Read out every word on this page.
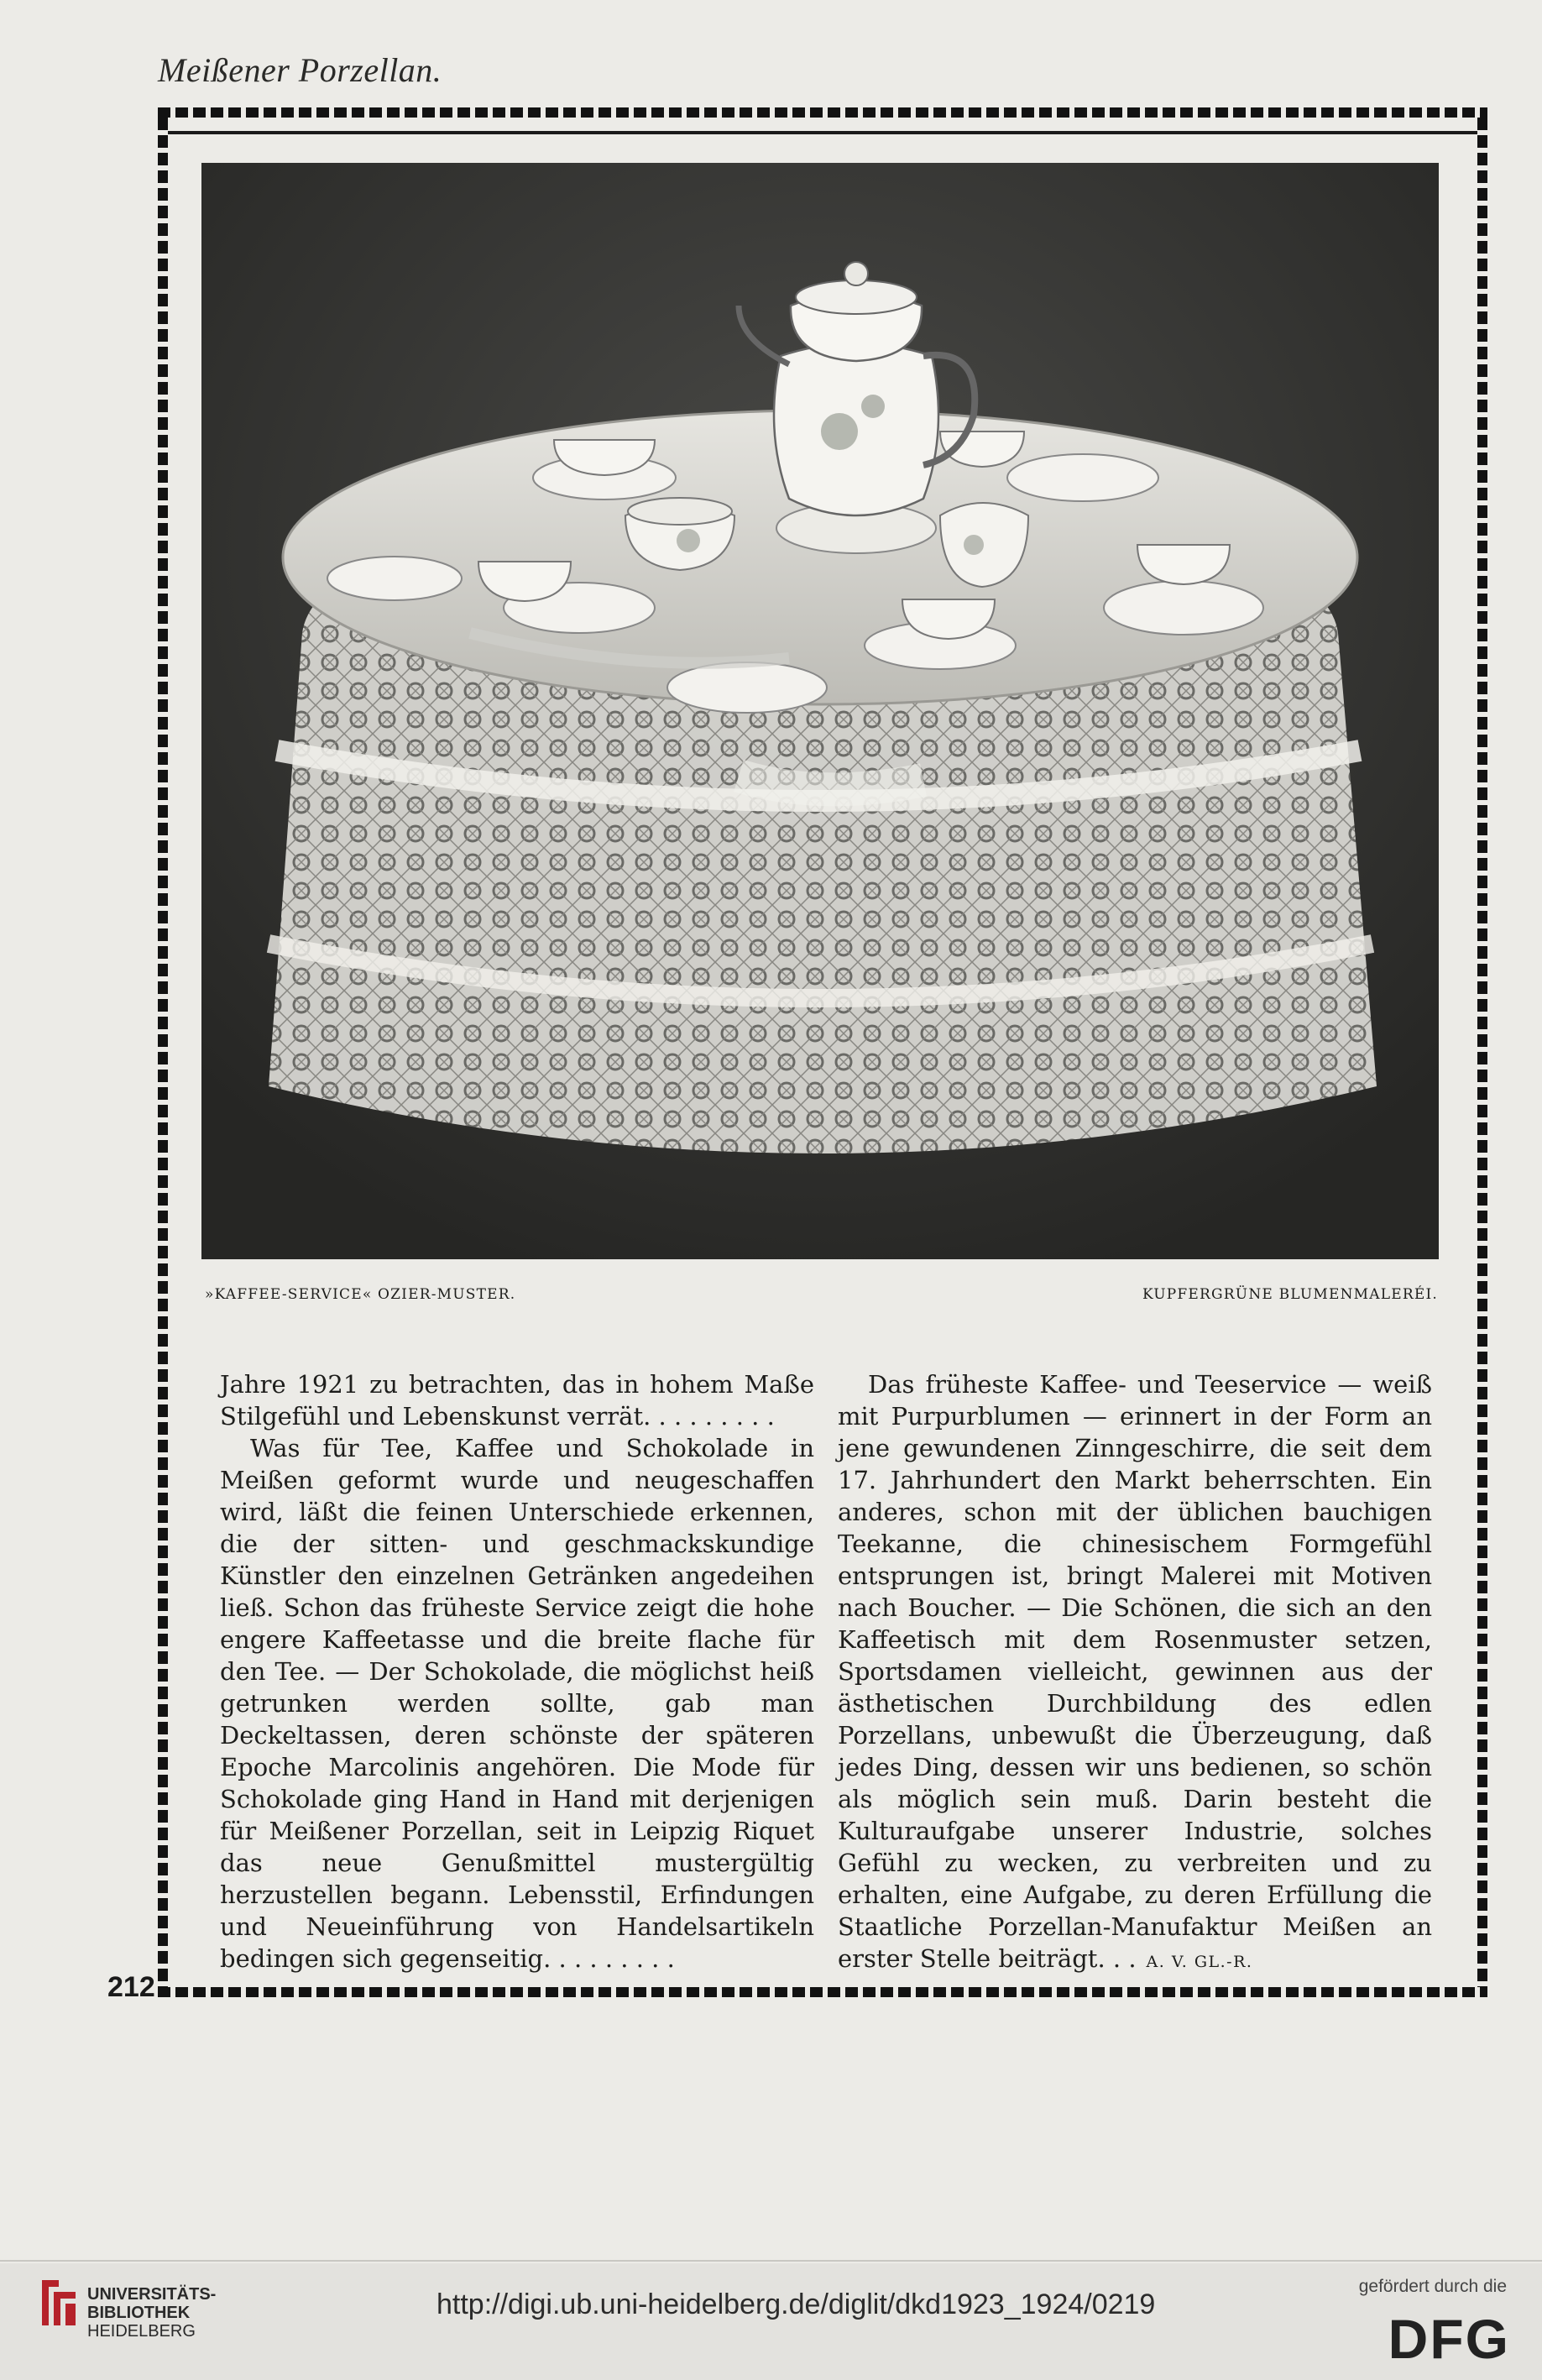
Meißener Porzellan.
»KAFFEE-SERVICE« OZIER-MUSTER.	KUPFERGRÜNE BLUMENMALERÉI.

Jahre 1921 zu betrachten, das in hohem Maße Stilgefühl und Lebenskunst verrät. . . . . . . . .

Was für Tee, Kaffee und Schokolade in Meißen geformt wurde und neugeschaffen wird, läßt die feinen Unterschiede erkennen, die der sitten- und geschmackskundige Künstler den einzelnen Getränken angedeihen ließ. Schon das früheste Service zeigt die hohe engere Kaffeetasse und die breite flache für den Tee. — Der Schokolade, die möglichst heiß getrunken werden sollte, gab man Deckeltassen, deren schönste der späteren Epoche Marcolinis angehören. Die Mode für Schokolade ging Hand in Hand mit derjenigen für Meißener Porzellan, seit in Leipzig Riquet das neue Genußmittel mustergültig herzustellen begann. Lebensstil, Erfindungen und Neueinführung von Handelsartikeln bedingen sich gegenseitig. . . . . . . . .

Das früheste Kaffee- und Teeservice — weiß mit Purpurblumen — erinnert in der Form an jene gewundenen Zinngeschirre, die seit dem 17. Jahrhundert den Markt beherrschten. Ein anderes, schon mit der üblichen bauchigen Teekanne, die chinesischem Formgefühl entsprungen ist, bringt Malerei mit Motiven nach Boucher. — Die Schönen, die sich an den Kaffeetisch mit dem Rosenmuster setzen, Sportsdamen vielleicht, gewinnen aus der ästhetischen Durchbildung des edlen Porzellans, unbewußt die Überzeugung, daß jedes Ding, dessen wir uns bedienen, so schön als möglich sein muß. Darin besteht die Kulturaufgabe unserer Industrie, solches Gefühl zu wecken, zu verbreiten und zu erhalten, eine Aufgabe, zu deren Erfüllung die Staatliche Porzellan-Manufaktur Meißen an erster Stelle beiträgt. . . A. V. GL.-R.

212
UNIVERSITÄTS-
BIBLIOTHEK
HEIDELBERG
http://digi.ub.uni-heidelberg.de/diglit/dkd1923_1924/0219
gefördert durch die
DFG
